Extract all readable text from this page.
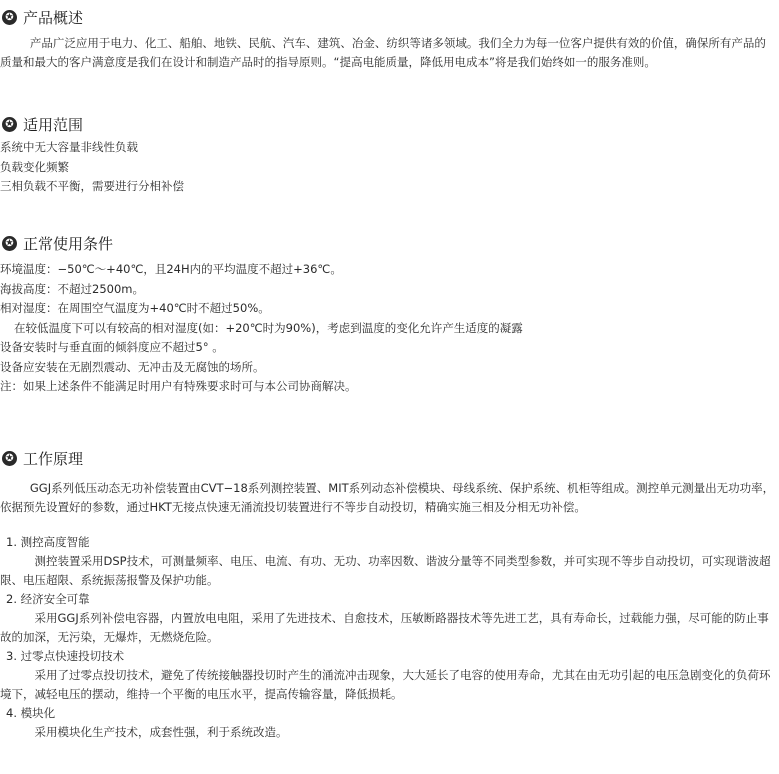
✪ 产品概述

产品广泛应用于电力、化工、船舶、地铁、民航、汽车、建筑、冶金、纺织等诸多领域。我们全力为每一位客户提供有效的价值，确保所有产品的质量和最大的客户满意度是我们在设计和制造产品时的指导原则。“提高电能质量，降低用电成本”将是我们始终如一的服务准则。

✪ 适用范围

系统中无大容量非线性负载

负载变化频繁

三相负载不平衡，需要进行分相补偿

✪ 正常使用条件

环境温度：−50℃～+40℃，且24H内的平均温度不超过+36℃。

海拔高度：不超过2500m。

相对湿度：在周围空气温度为+40℃时不超过50%。

在较低温度下可以有较高的相对湿度(如：+20℃时为90%)，考虑到温度的变化允许产生适度的凝露

设备安装时与垂直面的倾斜度应不超过5° 。

设备应安装在无剧烈震动、无冲击及无腐蚀的场所。

注：如果上述条件不能满足时用户有特殊要求时可与本公司协商解决。

✪ 工作原理

GGJ系列低压动态无功补偿装置由CVT−18系列测控装置、MIT系列动态补偿模块、母线系统、保护系统、机柜等组成。测控单元测量出无功功率，依据预先设置好的参数，通过HKT无接点快速无涌流投切装置进行不等步自动投切，精确实施三相及分相无功补偿。

1. 测控高度智能

测控装置采用DSP技术，可测量频率、电压、电流、有功、无功、功率因数、谐波分量等不同类型参数，并可实现不等步自动投切，可实现谐波超限、电压超限、系统振荡报警及保护功能。

2. 经济安全可靠

采用GGJ系列补偿电容器，内置放电电阻，采用了先进技术、自愈技术，压敏断路器技术等先进工艺，具有寿命长，过载能力强，尽可能的防止事故的加深，无污染，无爆炸，无燃烧危险。

3. 过零点快速投切技术

采用了过零点投切技术，避免了传统接触器投切时产生的涌流冲击现象，大大延长了电容的使用寿命，尤其在由无功引起的电压急剧变化的负荷环境下，减轻电压的摆动，维持一个平衡的电压水平，提高传输容量，降低损耗。

4. 模块化

采用模块化生产技术，成套性强，利于系统改造。
